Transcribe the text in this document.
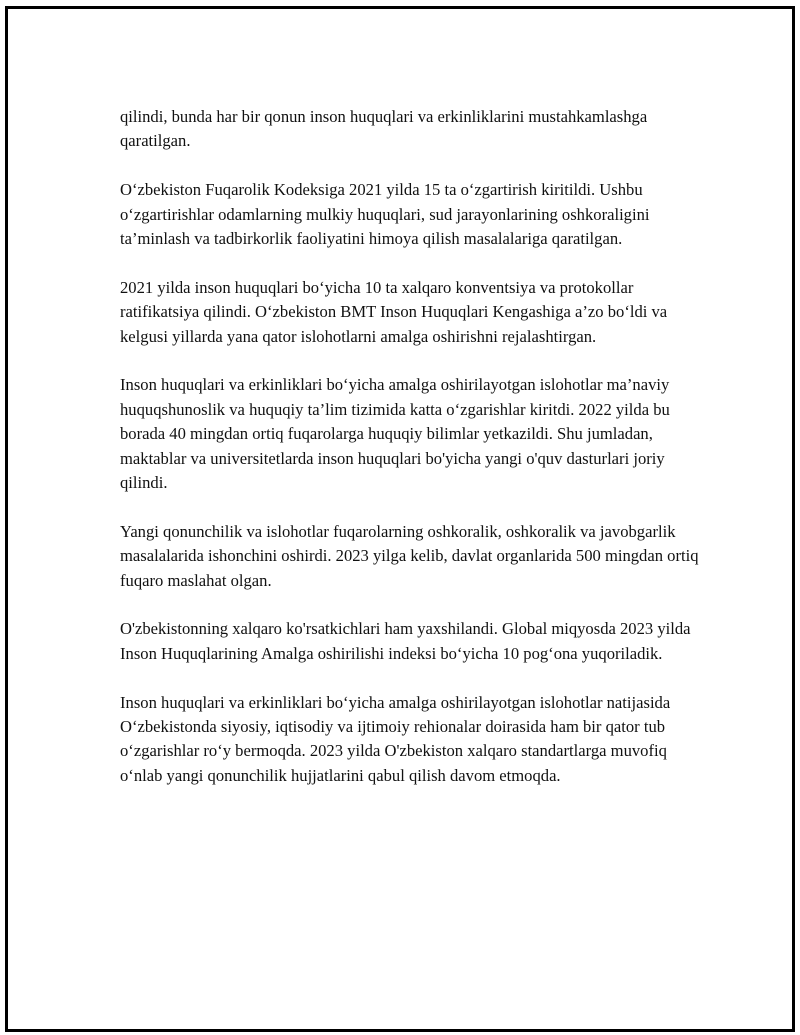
qilindi, bunda har bir qonun inson huquqlari va erkinliklarini mustahkamlashga qaratilgan.

O‘zbekiston Fuqarolik Kodeksiga 2021 yilda 15 ta o‘zgartirish kiritildi. Ushbu o‘zgartirishlar odamlarning mulkiy huquqlari, sud jarayonlarining oshkoraligini ta’minlash va tadbirkorlik faoliyatini himoya qilish masalalariga qaratilgan.

2021 yilda inson huquqlari bo‘yicha 10 ta xalqaro konventsiya va protokollar ratifikatsiya qilindi. O‘zbekiston BMT Inson Huquqlari Kengashiga a’zo bo‘ldi va kelgusi yillarda yana qator islohotlarni amalga oshirishni rejalashtirgan.

Inson huquqlari va erkinliklari bo‘yicha amalga oshirilayotgan islohotlar ma’naviy huquqshunoslik va huquqiy ta’lim tizimida katta o‘zgarishlar kiritdi. 2022 yilda bu borada 40 mingdan ortiq fuqarolarga huquqiy bilimlar yetkazildi. Shu jumladan, maktablar va universitetlarda inson huquqlari bo'yicha yangi o'quv dasturlari joriy qilindi.

Yangi qonunchilik va islohotlar fuqarolarning oshkoralik, oshkoralik va javobgarlik masalalarida ishonchini oshirdi. 2023 yilga kelib, davlat organlarida 500 mingdan ortiq fuqaro maslahat olgan.

O'zbekistonning xalqaro ko'rsatkichlari ham yaxshilandi. Global miqyosda 2023 yilda Inson Huquqlarining Amalga oshirilishi indeksi bo‘yicha 10 pog‘ona yuqoriladik.

Inson huquqlari va erkinliklari bo‘yicha amalga oshirilayotgan islohotlar natijasida O‘zbekistonda siyosiy, iqtisodiy va ijtimoiy rehionalar doirasida ham bir qator tub o‘zgarishlar ro‘y bermoqda. 2023 yilda O'zbekiston xalqaro standartlarga muvofiq o‘nlab yangi qonunchilik hujjatlarini qabul qilish davom etmoqda.
